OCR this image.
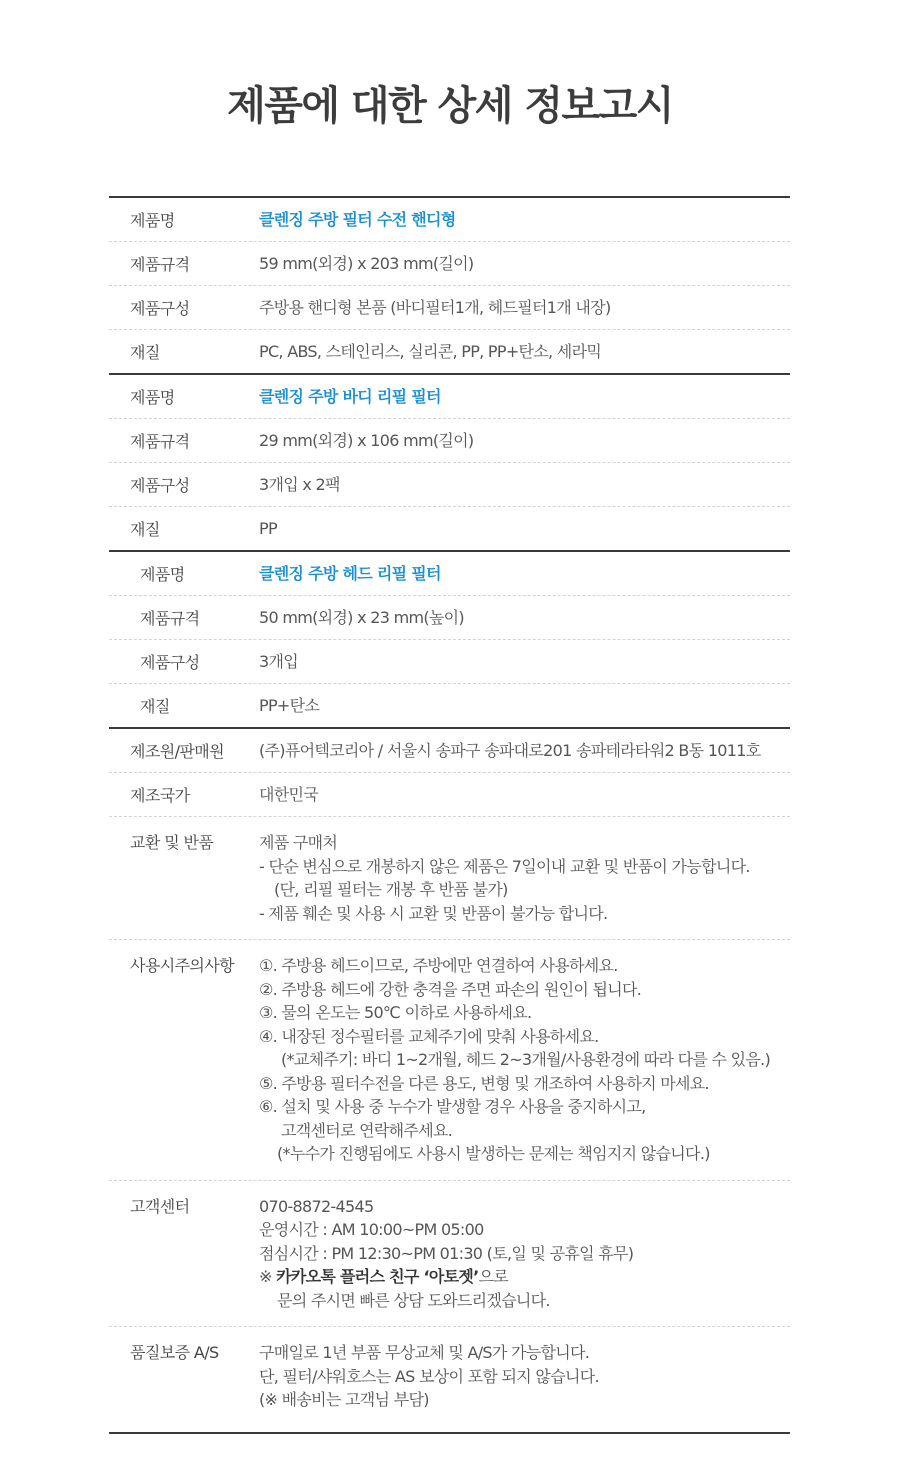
제품에 대한 상세 정보고시
제품명	클렌징 주방 필터 수전 핸디형
제품규격	59 mm(외경) x 203 mm(길이)
제품구성	주방용 핸디형 본품 (바디필터1개, 헤드필터1개 내장)
재질	PC, ABS, 스테인리스, 실리콘, PP, PP+탄소, 세라믹
제품명	클렌징 주방 바디 리필 필터
제품규격	29 mm(외경) x 106 mm(길이)
제품구성	3개입 x 2팩
재질	PP
제품명	클렌징 주방 헤드 리필 필터
제품규격	50 mm(외경) x 23 mm(높이)
제품구성	3개입
재질	PP+탄소
제조원/판매원	(주)퓨어텍코리아 / 서울시 송파구 송파대로201 송파테라타워2 B동 1011호
제조국가	대한민국
교환 및 반품	제품 구매처
- 단순 변심으로 개봉하지 않은 제품은 7일이내 교환 및 반품이 가능합니다.
(단, 리필 필터는 개봉 후 반품 불가)
- 제품 훼손 및 사용 시 교환 및 반품이 불가능 합니다.
사용시주의사항	①. 주방용 헤드이므로, 주방에만 연결하여 사용하세요.
②. 주방용 헤드에 강한 충격을 주면 파손의 원인이 됩니다.
③. 물의 온도는 50℃ 이하로 사용하세요.
④. 내장된 정수필터를 교체주기에 맞춰 사용하세요.
(*교체주기: 바디 1~2개월, 헤드 2~3개월/사용환경에 따라 다를 수 있음.)
⑤. 주방용 필터수전을 다른 용도, 변형 및 개조하여 사용하지 마세요.
⑥. 설치 및 사용 중 누수가 발생할 경우 사용을 중지하시고,
고객센터로 연락해주세요.
(*누수가 진행됨에도 사용시 발생하는 문제는 책임지지 않습니다.)
고객센터	070-8872-4545
운영시간 : AM 10:00~PM 05:00
점심시간 : PM 12:30~PM 01:30 (토,일 및 공휴일 휴무)
※ 카카오톡 플러스 친구 ‘아토젯’으로
문의 주시면 빠른 상담 도와드리겠습니다.
품질보증 A/S	구매일로 1년 부품 무상교체 및 A/S가 가능합니다.
단, 필터/샤워호스는 AS 보상이 포함 되지 않습니다.
(※ 배송비는 고객님 부담)
